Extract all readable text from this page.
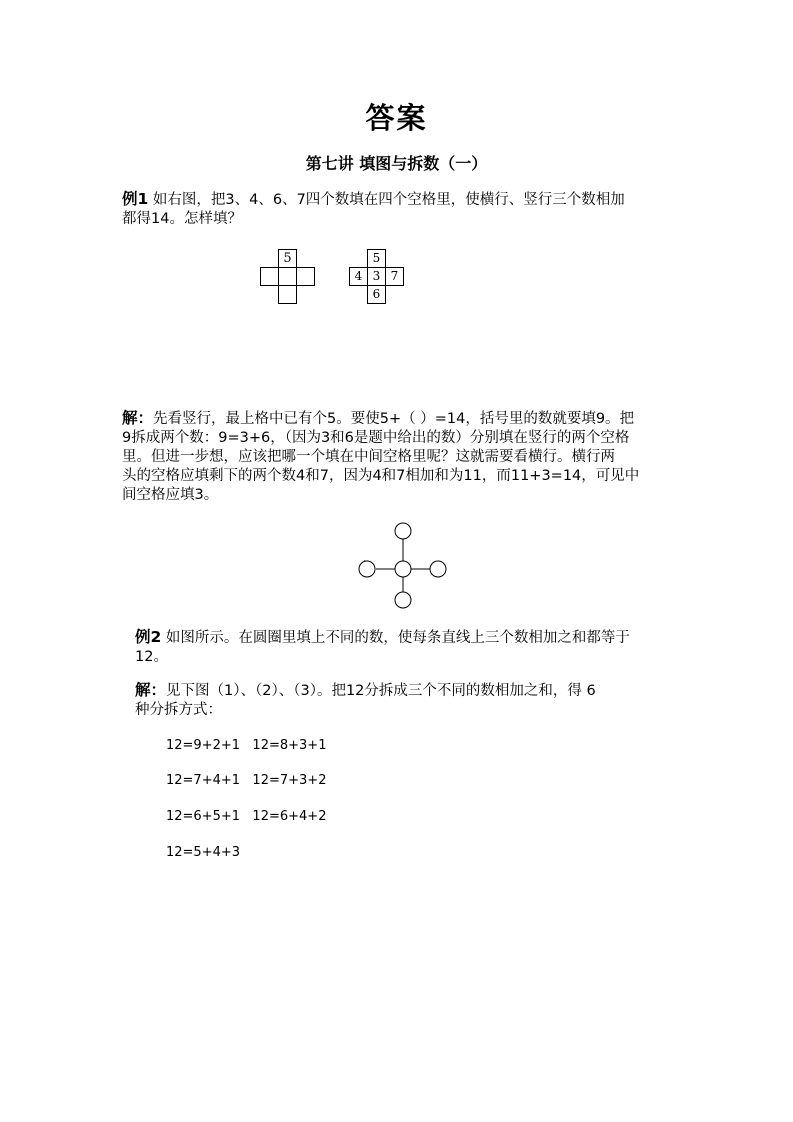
答案
第七讲 填图与拆数（一）
例1 如右图，把3、4、6、7四个数填在四个空格里，使横行、竖行三个数相加
都得14。怎样填？
5	5
4 3 7
6
解：先看竖行，最上格中已有个5。要使5+（ ）=14，括号里的数就要填9。把
9拆成两个数：9=3+6，（因为3和6是题中给出的数）分别填在竖行的两个空格
里。但进一步想，应该把哪一个填在中间空格里呢？这就需要看横行。横行两
头的空格应填剩下的两个数4和7，因为4和7相加和为11，而11+3=14，可见中
间空格应填3。
例2 如图所示。在圆圈里填上不同的数，使每条直线上三个数相加之和都等于
12。
解：见下图（1）、（2）、（3）。把12分拆成三个不同的数相加之和，得 6
种分拆方式：
12=9+2+1   12=8+3+1
12=7+4+1   12=7+3+2
12=6+5+1   12=6+4+2
12=5+4+3
